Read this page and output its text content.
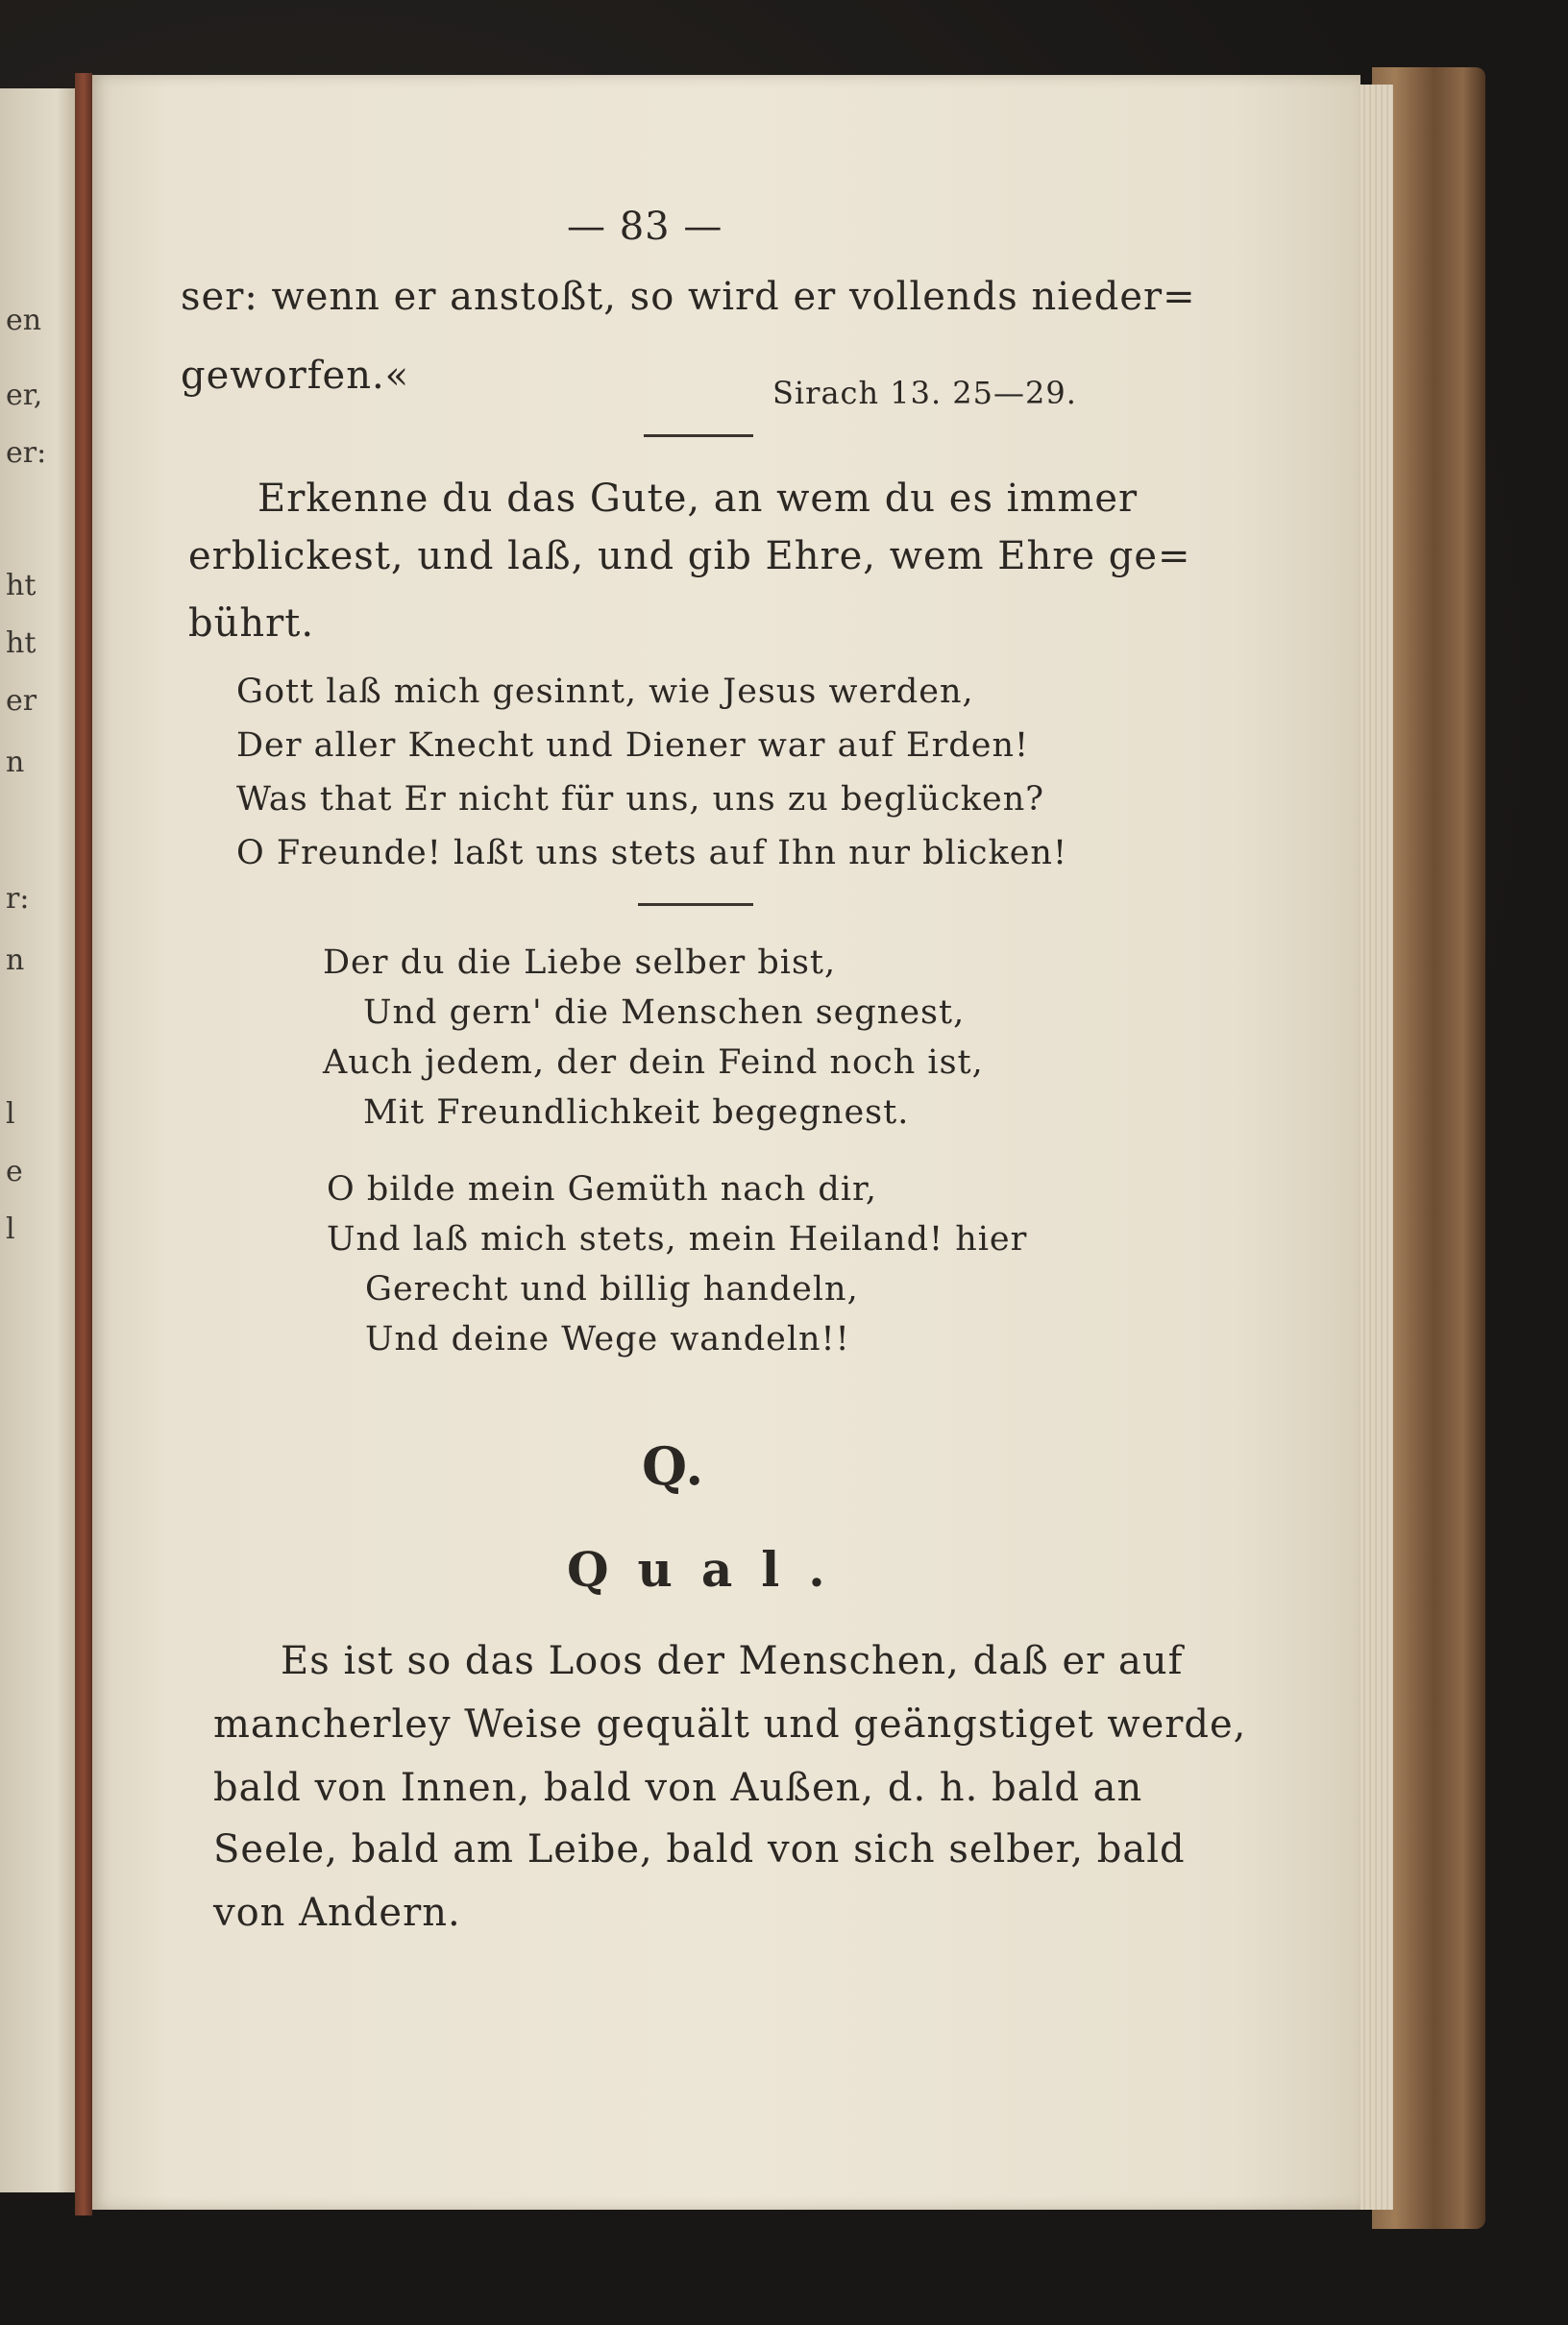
en
er,
er:
ht
ht
er
n
r:
n
l
e
l
— 83 —
ser: wenn er anstoßt, so wird er vollends nieder=
geworfen.«	Sirach 13. 25—29.
Erkenne du das Gute, an wem du es immer
erblickest, und laß, und gib Ehre, wem Ehre ge=
bührt.
Gott laß mich gesinnt, wie Jesus werden,
Der aller Knecht und Diener war auf Erden!
Was that Er nicht für uns, uns zu beglücken?
O Freunde! laßt uns stets auf Ihn nur blicken!
Der du die Liebe selber bist,
Und gern' die Menschen segnest,
Auch jedem, der dein Feind noch ist,
Mit Freundlichkeit begegnest.
O bilde mein Gemüth nach dir,
Und laß mich stets, mein Heiland! hier
Gerecht und billig handeln,
Und deine Wege wandeln!!
Q.
Qual.
Es ist so das Loos der Menschen, daß er auf
mancherley Weise gequält und geängstiget werde,
bald von Innen, bald von Außen, d. h. bald an
Seele, bald am Leibe, bald von sich selber, bald
von Andern.
